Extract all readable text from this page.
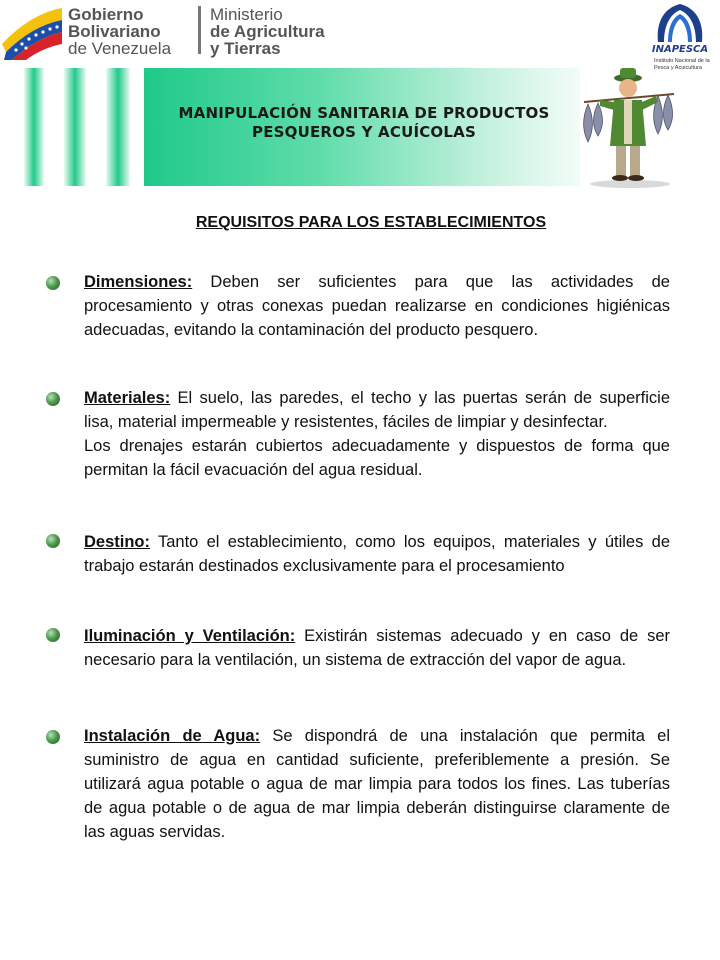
Gobierno
Bolivariano
de Venezuela
Ministerio
de Agricultura
y Tierras	INAPESCA
Instituto Nacional de la
Pesca y Acuicultura
MANIPULACIÓN SANITARIA DE PRODUCTOS
PESQUEROS Y ACUÍCOLAS
REQUISITOS PARA LOS ESTABLECIMIENTOS
Dimensiones: Deben ser suficientes para que las actividades de procesamiento y otras conexas puedan realizarse en condiciones higiénicas adecuadas, evitando la contaminación del producto pesquero.
Materiales: El suelo, las paredes, el techo y las puertas serán de superficie lisa, material impermeable y resistentes, fáciles de limpiar y desinfectar.
Los drenajes estarán cubiertos adecuadamente y dispuestos de forma que permitan la fácil evacuación del agua residual.
Destino: Tanto el establecimiento, como los equipos, materiales y útiles de trabajo estarán destinados exclusivamente para el procesamiento
Iluminación y Ventilación: Existirán sistemas adecuado y en caso de ser necesario para la ventilación, un sistema de extracción del vapor de agua.
Instalación de Agua: Se dispondrá de una instalación que permita el suministro de agua en cantidad suficiente, preferiblemente a presión. Se utilizará agua potable o agua de mar limpia para todos los fines. Las tuberías de agua potable o de agua de mar limpia deberán distinguirse claramente de las aguas servidas.
